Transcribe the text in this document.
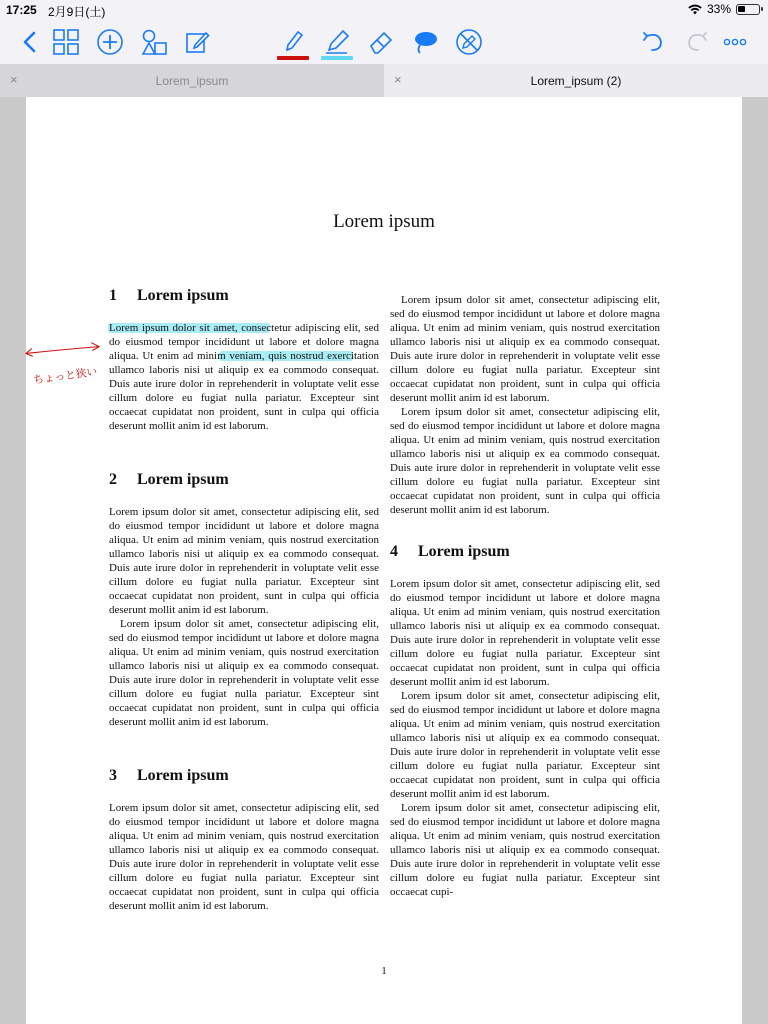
17:25 2月9日(土)	33%
×	Lorem_ipsum	×	Lorem_ipsum (2)
Lorem ipsum
1 Lorem ipsum

Lorem ipsum dolor sit amet, consectetur adipiscing elit, sed do eiusmod tempor incididunt ut labore et dolore magna aliqua. Ut enim ad minim veniam, quis nostrud exercitation ullamco laboris nisi ut aliquip ex ea commodo consequat. Duis aute irure dolor in reprehenderit in voluptate velit esse cillum dolore eu fugiat nulla pariatur. Excepteur sint occaecat cupidatat non proident, sunt in culpa qui officia deserunt mollit anim id est laborum.

2 Lorem ipsum

Lorem ipsum dolor sit amet, consectetur adipiscing elit, sed do eiusmod tempor incididunt ut labore et dolore magna aliqua. Ut enim ad minim veniam, quis nostrud exercitation ullamco laboris nisi ut aliquip ex ea commodo consequat. Duis aute irure dolor in reprehenderit in voluptate velit esse cillum dolore eu fugiat nulla pariatur. Excepteur sint occaecat cupidatat non proident, sunt in culpa qui officia deserunt mollit anim id est laborum.

Lorem ipsum dolor sit amet, consectetur adipiscing elit, sed do eiusmod tempor incididunt ut labore et dolore magna aliqua. Ut enim ad minim veniam, quis nostrud exercitation ullamco laboris nisi ut aliquip ex ea commodo consequat. Duis aute irure dolor in reprehenderit in voluptate velit esse cillum dolore eu fugiat nulla pariatur. Excepteur sint occaecat cupidatat non proident, sunt in culpa qui officia deserunt mollit anim id est laborum.

3 Lorem ipsum

Lorem ipsum dolor sit amet, consectetur adipiscing elit, sed do eiusmod tempor incididunt ut labore et dolore magna aliqua. Ut enim ad minim veniam, quis nostrud exercitation ullamco laboris nisi ut aliquip ex ea commodo consequat. Duis aute irure dolor in reprehenderit in voluptate velit esse cillum dolore eu fugiat nulla pariatur. Excepteur sint occaecat cupidatat non proident, sunt in culpa qui officia deserunt mollit anim id est laborum.

Lorem ipsum dolor sit amet, consectetur adipiscing elit, sed do eiusmod tempor incididunt ut labore et dolore magna aliqua. Ut enim ad minim veniam, quis nostrud exercitation ullamco laboris nisi ut aliquip ex ea commodo consequat. Duis aute irure dolor in reprehenderit in voluptate velit esse cillum dolore eu fugiat nulla pariatur. Excepteur sint occaecat cupidatat non proident, sunt in culpa qui officia deserunt mollit anim id est laborum.

Lorem ipsum dolor sit amet, consectetur adipiscing elit, sed do eiusmod tempor incididunt ut labore et dolore magna aliqua. Ut enim ad minim veniam, quis nostrud exercitation ullamco laboris nisi ut aliquip ex ea commodo consequat. Duis aute irure dolor in reprehenderit in voluptate velit esse cillum dolore eu fugiat nulla pariatur. Excepteur sint occaecat cupidatat non proident, sunt in culpa qui officia deserunt mollit anim id est laborum.

4 Lorem ipsum

Lorem ipsum dolor sit amet, consectetur adipiscing elit, sed do eiusmod tempor incididunt ut labore et dolore magna aliqua. Ut enim ad minim veniam, quis nostrud exercitation ullamco laboris nisi ut aliquip ex ea commodo consequat. Duis aute irure dolor in reprehenderit in voluptate velit esse cillum dolore eu fugiat nulla pariatur. Excepteur sint occaecat cupidatat non proident, sunt in culpa qui officia deserunt mollit anim id est laborum.

Lorem ipsum dolor sit amet, consectetur adipiscing elit, sed do eiusmod tempor incididunt ut labore et dolore magna aliqua. Ut enim ad minim veniam, quis nostrud exercitation ullamco laboris nisi ut aliquip ex ea commodo consequat. Duis aute irure dolor in reprehenderit in voluptate velit esse cillum dolore eu fugiat nulla pariatur. Excepteur sint occaecat cupidatat non proident, sunt in culpa qui officia deserunt mollit anim id est laborum.

Lorem ipsum dolor sit amet, consectetur adipiscing elit, sed do eiusmod tempor incididunt ut labore et dolore magna aliqua. Ut enim ad minim veniam, quis nostrud exercitation ullamco laboris nisi ut aliquip ex ea commodo consequat. Duis aute irure dolor in reprehenderit in voluptate velit esse cillum dolore eu fugiat nulla pariatur. Excepteur sint occaecat cupi-

1
ちょっと狭い
